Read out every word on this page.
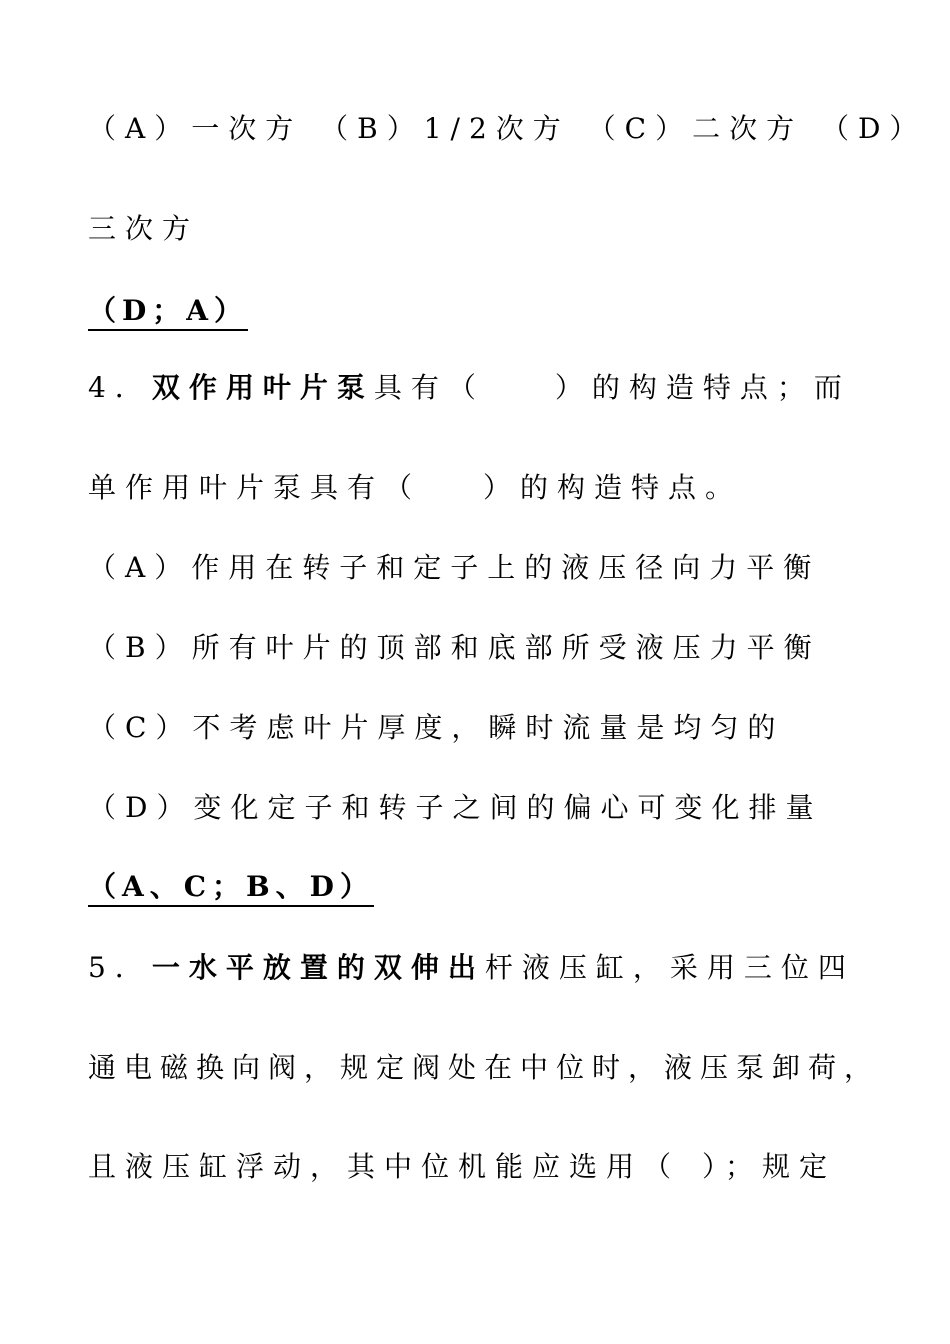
（A）一次方 （B）1/2次方 （C）二次方 （D）
三次方
（D；A）
4．双作用叶片泵具有（	）的构造特点；而
单作用叶片泵具有（ ）的构造特点。
（A）作用在转子和定子上的液压径向力平衡
（B）所有叶片的顶部和底部所受液压力平衡
（C）不考虑叶片厚度，瞬时流量是均匀的
（D）变化定子和转子之间的偏心可变化排量
（A、C；B、D）
5．一水平放置的双伸出杆液压缸，采用三位四
通电磁换向阀，规定阀处在中位时，液压泵卸荷，
且液压缸浮动，其中位机能应选用（ ）；规定
